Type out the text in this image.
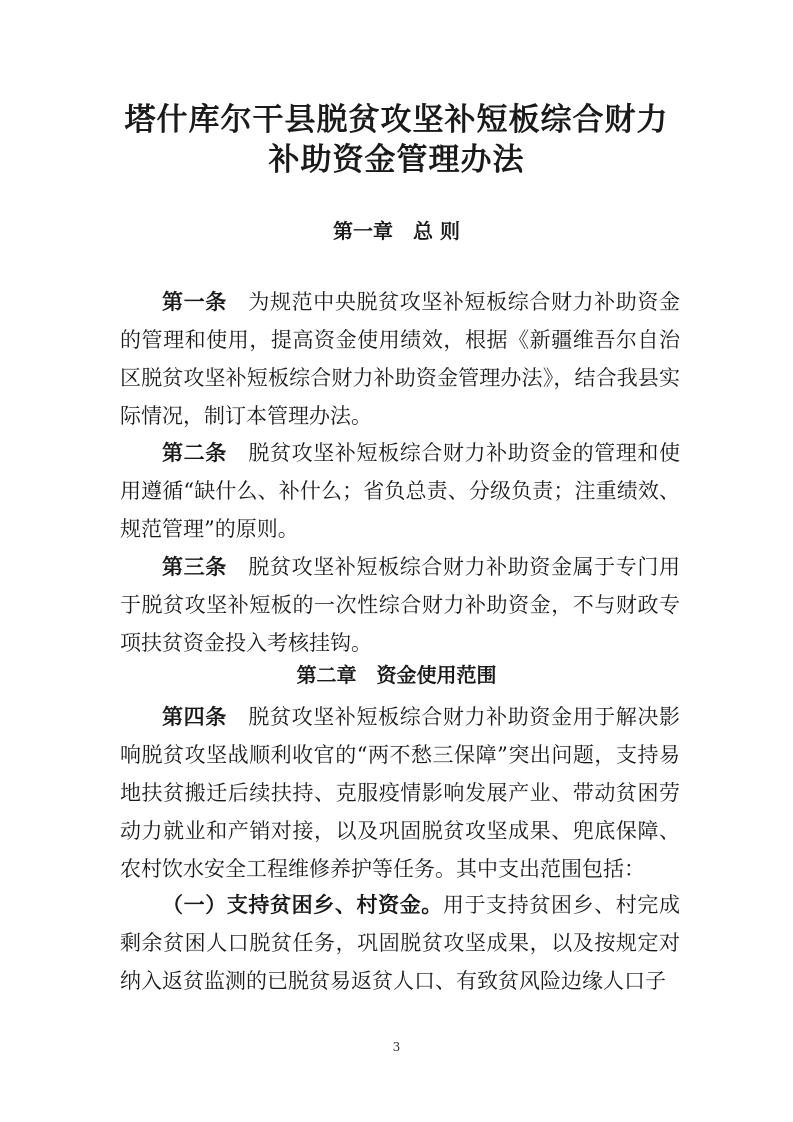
塔什库尔干县脱贫攻坚补短板综合财力
补助资金管理办法
第一章　总 则
第一条  为规范中央脱贫攻坚补短板综合财力补助资金的管理和使用，提高资金使用绩效，根据《新疆维吾尔自治区脱贫攻坚补短板综合财力补助资金管理办法》，结合我县实际情况，制订本管理办法。
第二条  脱贫攻坚补短板综合财力补助资金的管理和使用遵循“缺什么、补什么；省负总责、分级负责；注重绩效、规范管理”的原则。
第三条  脱贫攻坚补短板综合财力补助资金属于专门用于脱贫攻坚补短板的一次性综合财力补助资金，不与财政专项扶贫资金投入考核挂钩。
第二章　资金使用范围
第四条  脱贫攻坚补短板综合财力补助资金用于解决影响脱贫攻坚战顺利收官的“两不愁三保障”突出问题，支持易地扶贫搬迁后续扶持、克服疫情影响发展产业、带动贫困劳动力就业和产销对接，以及巩固脱贫攻坚成果、兜底保障、农村饮水安全工程维修养护等任务。其中支出范围包括：
（一）支持贫困乡、村资金。用于支持贫困乡、村完成剩余贫困人口脱贫任务，巩固脱贫攻坚成果，以及按规定对纳入返贫监测的已脱贫易返贫人口、有致贫风险边缘人口子
3
